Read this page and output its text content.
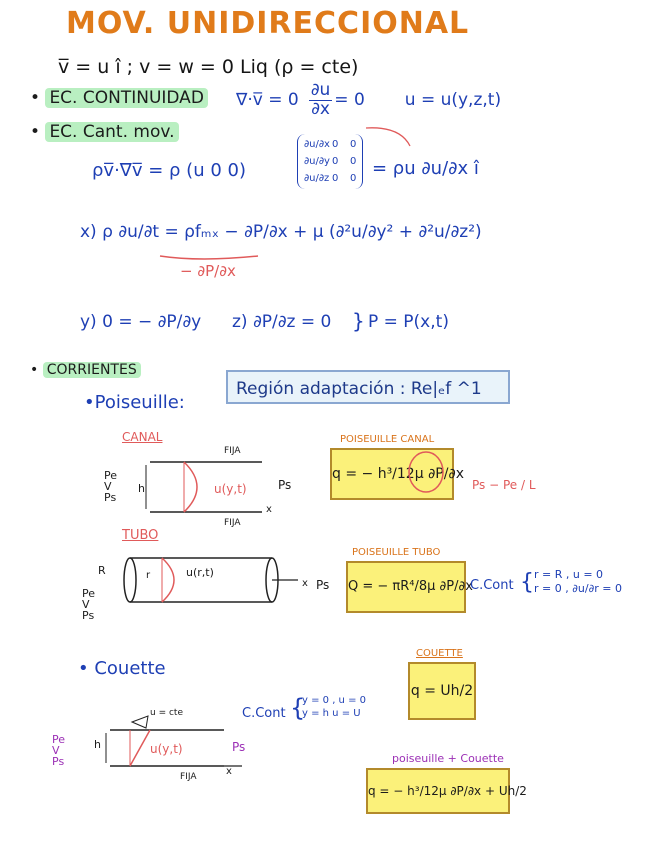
MOV. UNIDIRECCIONAL
v̅ = u î ; v = w = 0 Liq (ρ = cte)
• EC. CONTINUIDAD ∇·v̅ = $0 \frac{\partial u}{\partial x} = 0$ u = u(y,z,t)
• EC. Cant. mov.
ρv̅·∇v̅ = ρ (u 0 0)
∂u/∂x 0 0
∂u/∂y 0 0
∂u/∂z 0 0 = ρu ∂u/∂x î
x) ρ ∂u/∂t = ρfₘₓ − ∂P/∂x + μ (∂²u/∂y² + ∂²u/∂z²)
− ∂P/∂x
y) 0 = − ∂P/∂y z) ∂P/∂z = 0 } P = P(x,t)
• CORRIENTES
Región adaptación : Re|ₑf ^1
•Poiseuille:
CANAL
FIJA
FIJA
h	u(y,t)
Pe
V
Ps
Ps
x
POISEUILLE CANAL
q = − h³/12μ ∂P/∂x
Ps − Pe / L
TUBO
R	r	u(r,t)
Pe
V
Ps
x Ps
POISEUILLE TUBO
Q = − πR⁴/8μ ∂P/∂x
C.Cont { r = R , u = 0
r = 0 , ∂u/∂r = 0
• Couette
COUETTE
q = Uh/2
u = cte
h	u(y,t)
FIJA	x
Pe
V
Ps
Ps
C.Cont {
y = 0 , u = 0
y = h u = U
poiseuille + Couette
q = − h³/12μ ∂P/∂x + Uh/2
